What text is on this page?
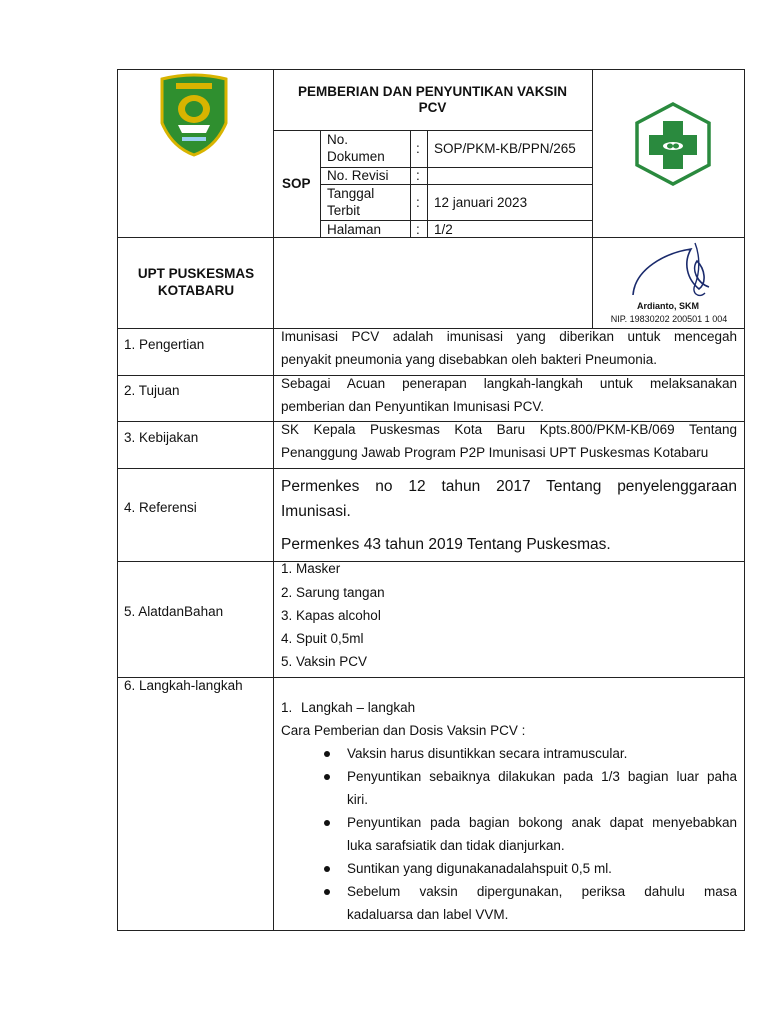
PEMBERIAN DAN PENYUNTIKAN VAKSIN PCV
SOP
No. Dokumen
: SOP/PKM-KB/PPN/265
No. Revisi :
Tanggal Terbit
: 12 januari 2023
Halaman	: 1/2
UPT PUSKESMAS KOTABARU
Ardianto, SKM
NIP. 19830202 200501 1 004
1. Pengertian
Imunisasi PCV adalah imunisasi yang diberikan untuk mencegah
penyakit pneumonia yang disebabkan oleh bakteri Pneumonia.
2. Tujuan	Sebagai Acuan penerapan langkah-langkah untuk melaksanakan
pemberian dan Penyuntikan Imunisasi PCV.
3. Kebijakan
SK Kepala Puskesmas Kota Baru Kpts.800/PKM-KB/069 Tentang
Penanggung Jawab Program P2P Imunisasi UPT Puskesmas Kotabaru
4. Referensi
Permenkes no 12 tahun 2017 Tentang penyelenggaraan
Imunisasi.
Permenkes 43 tahun 2019 Tentang Puskesmas.
5. AlatdanBahan
1. Masker
2. Sarung tangan
3. Kapas alcohol
4. Spuit 0,5ml
5. Vaksin PCV
6. Langkah-langkah
1. Langkah – langkah
Cara Pemberian dan Dosis Vaksin PCV :
Vaksin harus disuntikkan secara intramuscular.
Penyuntikan sebaiknya dilakukan pada 1/3 bagian luar paha
kiri.
Penyuntikan pada bagian bokong anak dapat menyebabkan
luka sarafsiatik dan tidak dianjurkan.
Suntikan yang digunakanadalahspuit 0,5 ml.
Sebelum vaksin dipergunakan, periksa dahulu masa
kadaluarsa dan label VVM.
